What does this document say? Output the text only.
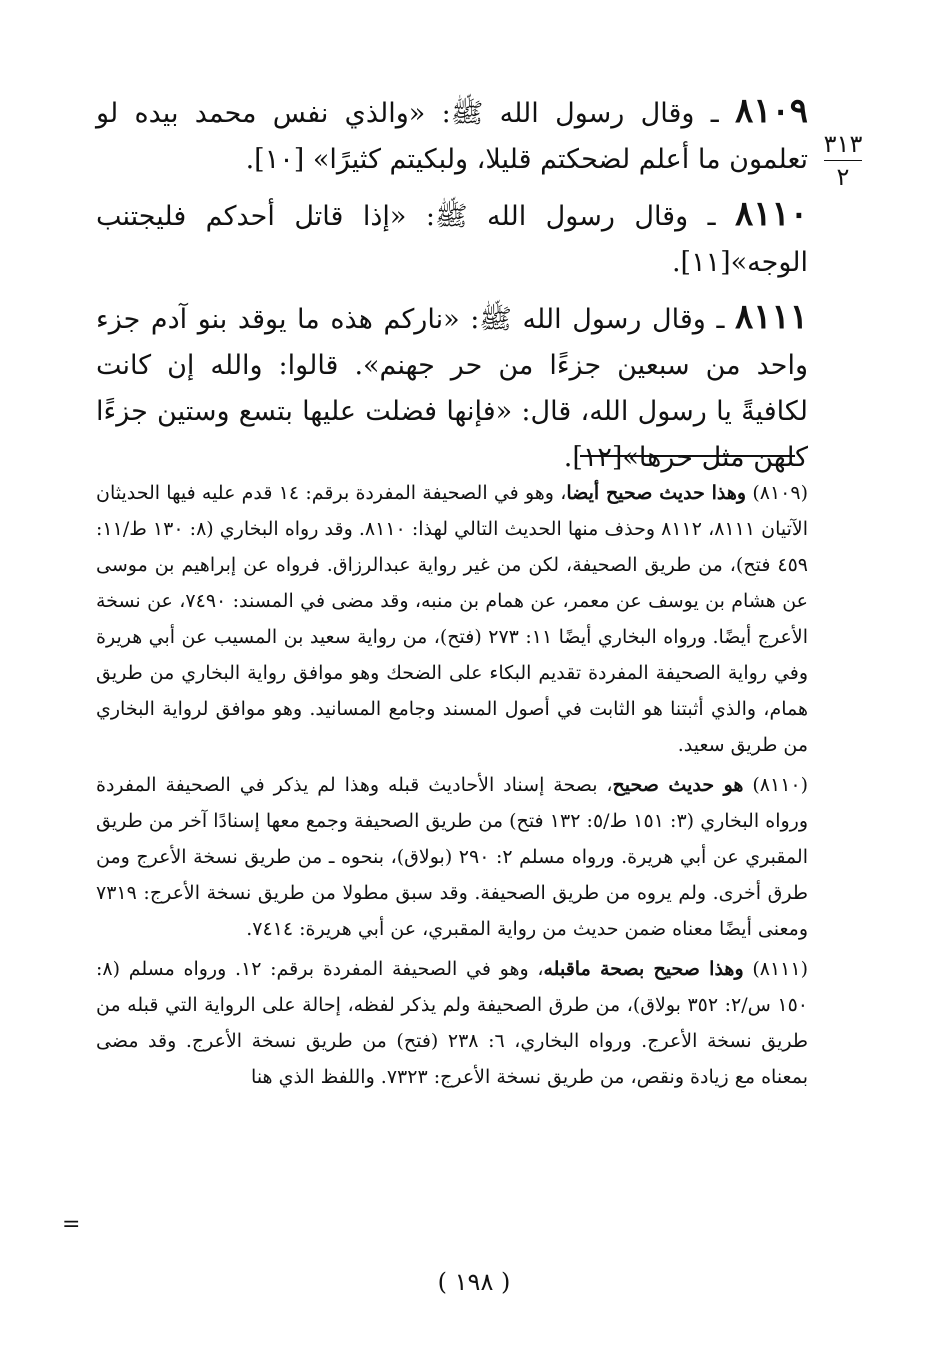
٣١٣
٢

٨١٠٩ ـ وقال رسول الله ﷺ: «والذي نفس محمد بيده لو تعلمون ما أعلم لضحكتم قليلا، ولبكيتم كثيرًا» [١٠].

٨١١٠ ـ وقال رسول الله ﷺ: «إذا قاتل أحدكم فليجتنب الوجه»[١١].

٨١١١ ـ وقال رسول الله ﷺ: «ناركم هذه ما يوقد بنو آدم جزء واحد من سبعين جزءًا من حر جهنم». قالوا: والله إن كانت لكافيةً يا رسول الله، قال: «فإنها فضلت عليها بتسع وستين جزءًا كلهن مثل حرها»[١٢].

(٨١٠٩) وهذا حديث صحيح أيضا، وهو في الصحيفة المفردة برقم: ١٤ قدم عليه فيها الحديثان الآتيان ٨١١١، ٨١١٢ وحذف منها الحديث التالي لهذا: ٨١١٠. وقد رواه البخاري (٨: ١٣٠ ط/١١: ٤٥٩ فتح)، من طريق الصحيفة، لكن من غير رواية عبدالرزاق. فرواه عن إبراهيم بن موسى عن هشام بن يوسف عن معمر، عن همام بن منبه، وقد مضى في المسند: ٧٤٩٠، عن نسخة الأعرج أيضًا. ورواه البخاري أيضًا ١١: ٢٧٣ (فتح)، من رواية سعيد بن المسيب عن أبي هريرة وفي رواية الصحيفة المفردة تقديم البكاء على الضحك وهو موافق رواية البخاري من طريق همام، والذي أثبتنا هو الثابت في أصول المسند وجامع المسانيد. وهو موافق لرواية البخاري من طريق سعيد.

(٨١١٠) هو حديث صحيح، بصحة إسناد الأحاديث قبله وهذا لم يذكر في الصحيفة المفردة ورواه البخاري (٣: ١٥١ ط/٥: ١٣٢ فتح) من طريق الصحيفة وجمع معها إسنادًا آخر من طريق المقبري عن أبي هريرة. ورواه مسلم ٢: ٢٩٠ (بولاق)، بنحوه ـ من طريق نسخة الأعرج ومن طرق أخرى. ولم يروه من طريق الصحيفة. وقد سبق مطولا من طريق نسخة الأعرج: ٧٣١٩ ومعنى أيضًا معناه ضمن حديث من رواية المقبري، عن أبي هريرة: ٧٤١٤.

(٨١١١) وهذا صحيح بصحة ماقبله، وهو في الصحيفة المفردة برقم: ١٢. ورواه مسلم (٨: ١٥٠ س/٢: ٣٥٢ بولاق)، من طرق الصحيفة ولم يذكر لفظه، إحالة على الرواية التي قبله من طريق نسخة الأعرج. ورواه البخاري، ٦: ٢٣٨ (فتح) من طريق نسخة الأعرج. وقد مضى بمعناه مع زيادة ونقص، من طريق نسخة الأعرج: ٧٣٢٣. واللفظ الذي هنا

=
( ١٩٨ )
